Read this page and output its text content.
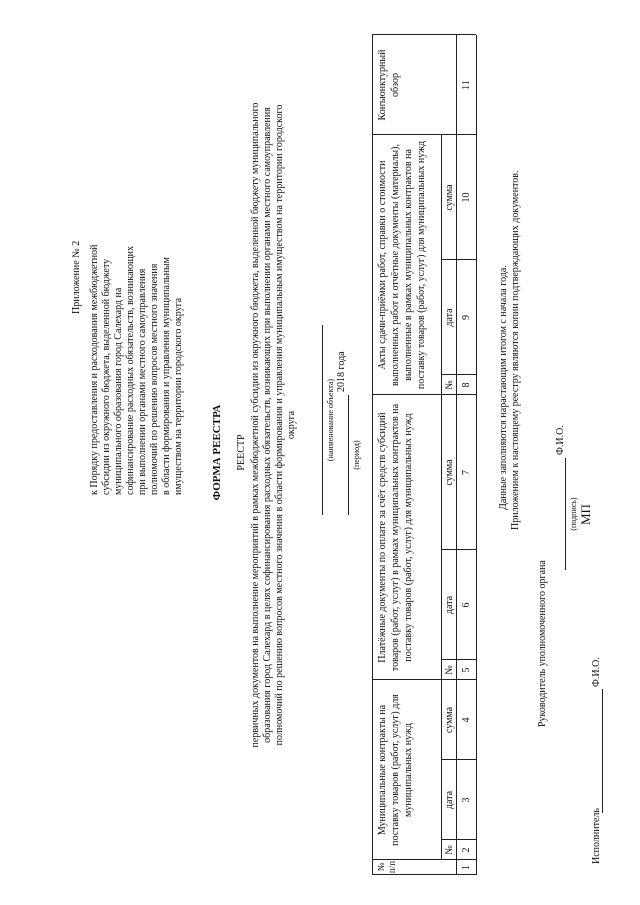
Приложение № 2 к Порядку предоставления и расходования межбюджетной субсидии из окружного бюджета, выделенной бюджету муниципального образования город Салехард на софинансирование расходных обязательств, возникающих при выполнении органами местного самоуправления полномочий по решению вопросов местного значения в области формирования и управления муниципальным имуществом на территории городского округа ФОРМА РЕЕСТРА РЕЕСТР первичных документов на выполнение мероприятий в рамках межбюджетной субсидии из окружного бюджета, выделенной бюджету муниципального образования город Салехард в целях софинансирования расходных обязательств, возникающих при выполнении органами местного самоуправления полномочий по решению вопросов местного значения в области формирования и управления муниципальным имуществом на территории городского округа	(наименование объекта)
2018 года
(период)
№ п/п
Муниципальные контракты на поставку товаров (работ, услуг) для муниципальных нужд
Платёжные документы по оплате за счёт средств субсидий товаров (работ, услуг) в рамках муниципальных контрактов на поставку товаров (работ, услуг) для муниципальных нужд
Акты сдачи-приёмки работ, справки о стоимости выполненных работ и отчётные документы (материалы), выполненные в рамках муниципальных контрактов на поставку товаров (работ, услуг) для муниципальных нужд
Конъюнктурный обзор
№
дата
сумма
№
дата
сумма
№
дата
сумма
1
2
3
4
5
6
7
8
9
10
11
Данные заполняются нарастающим итогом с начала года. Приложением к настоящему реестру являются копии подтверждающих документов.
Руководитель уполномоченного органа
Ф.И.О.
(подпись) МП
Ф.И.О.
Исполнитель
